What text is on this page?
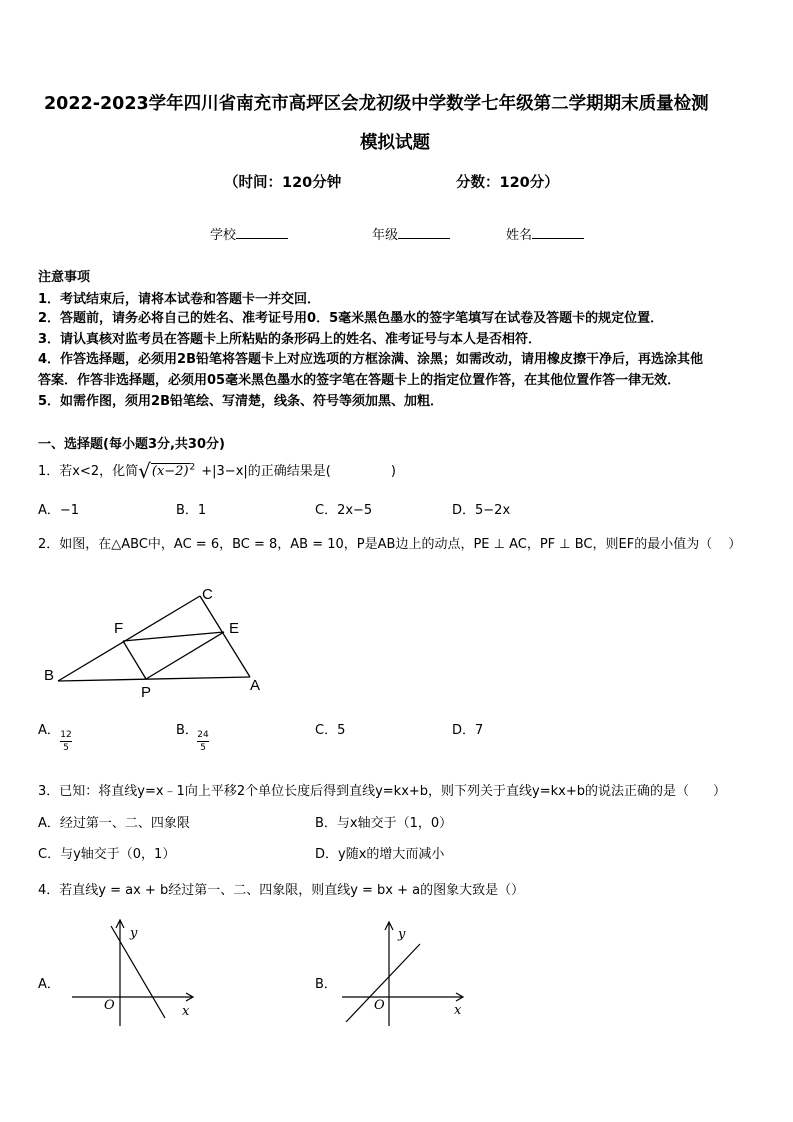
2022-2023学年四川省南充市高坪区会龙初级中学数学七年级第二学期期末质量检测
模拟试题
（时间：120分钟	分数：120分）
学校	年级	姓名
注意事项
1．考试结束后，请将本试卷和答题卡一并交回．
2．答题前，请务必将自己的姓名、准考证号用0．5毫米黑色墨水的签字笔填写在试卷及答题卡的规定位置．
3．请认真核对监考员在答题卡上所粘贴的条形码上的姓名、准考证号与本人是否相符．
4．作答选择题，必须用2B铅笔将答题卡上对应选项的方框涂满、涂黑；如需改动，请用橡皮擦干净后，再选涂其他
答案．作答非选择题，必须用05毫米黑色墨水的签字笔在答题卡上的指定位置作答，在其他位置作答一律无效．
5．如需作图，须用2B铅笔绘、写清楚，线条、符号等须加黑、加粗．
一、选择题(每小题3分,共30分)
1．若x<2，化简$√(x-2)^2 +|3-x|$的正确结果是(	)
A．−1	B．1	C．2x−5	D．5−2x
2．如图，在△ABC中，AC = 6，BC = 8，AB = 10，P是AB边上的动点，PE ⊥ AC，PF ⊥ BC，则EF的最小值为（ ）
C
F	E
B
P	A
A． $\frac{12}{5}$	B． $\frac{24}{5}$	C．5	D．7
3．已知：将直线y=x﹣1向上平移2个单位长度后得到直线y=kx+b，则下列关于直线y=kx+b的说法正确的是（ ）
A．经过第一、二、四象限	B．与x轴交于（1，0）
C．与y轴交于（0，1）	D．y随x的增大而减小
4．若直线y = ax + b经过第一、二、四象限，则直线y = bx + a的图象大致是（）
A．
y
x
O
B．
y
x
O
